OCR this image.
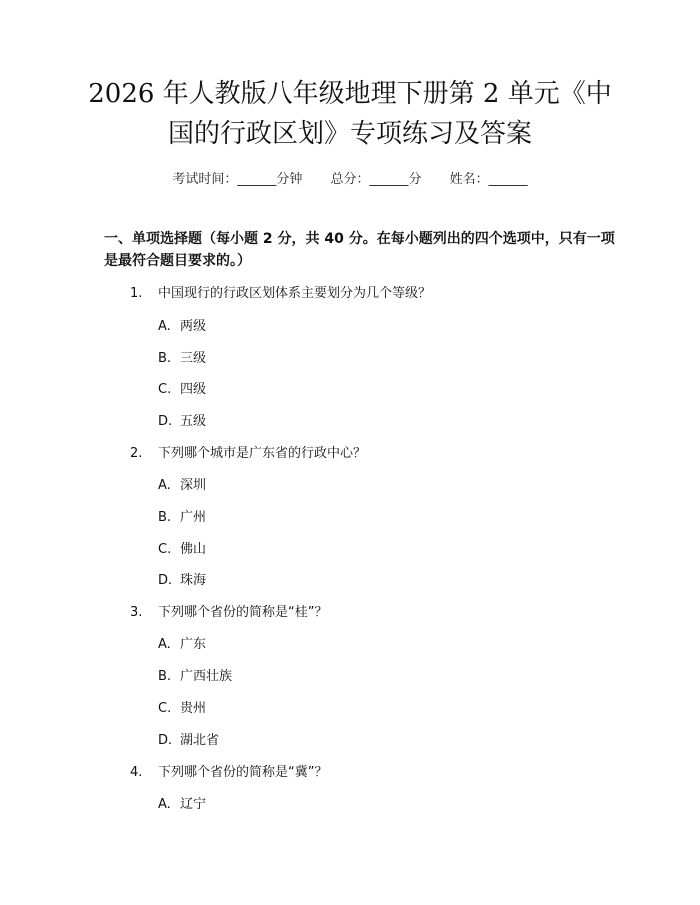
2026 年人教版八年级地理下册第 2 单元《中
国的行政区划》专项练习及答案
考试时间：______分钟 总分：______分 姓名：______
一、单项选择题（每小题 2 分，共 40 分。在每小题列出的四个选项中，只有一项是最符合题目要求的。）
1. 中国现行的行政区划体系主要划分为几个等级？
A. 两级
B. 三级
C. 四级
D. 五级
2. 下列哪个城市是广东省的行政中心？
A. 深圳
B. 广州
C. 佛山
D. 珠海
3. 下列哪个省份的简称是“桂”？
A. 广东
B. 广西壮族
C. 贵州
D. 湖北省
4. 下列哪个省份的简称是“冀”？
A. 辽宁
